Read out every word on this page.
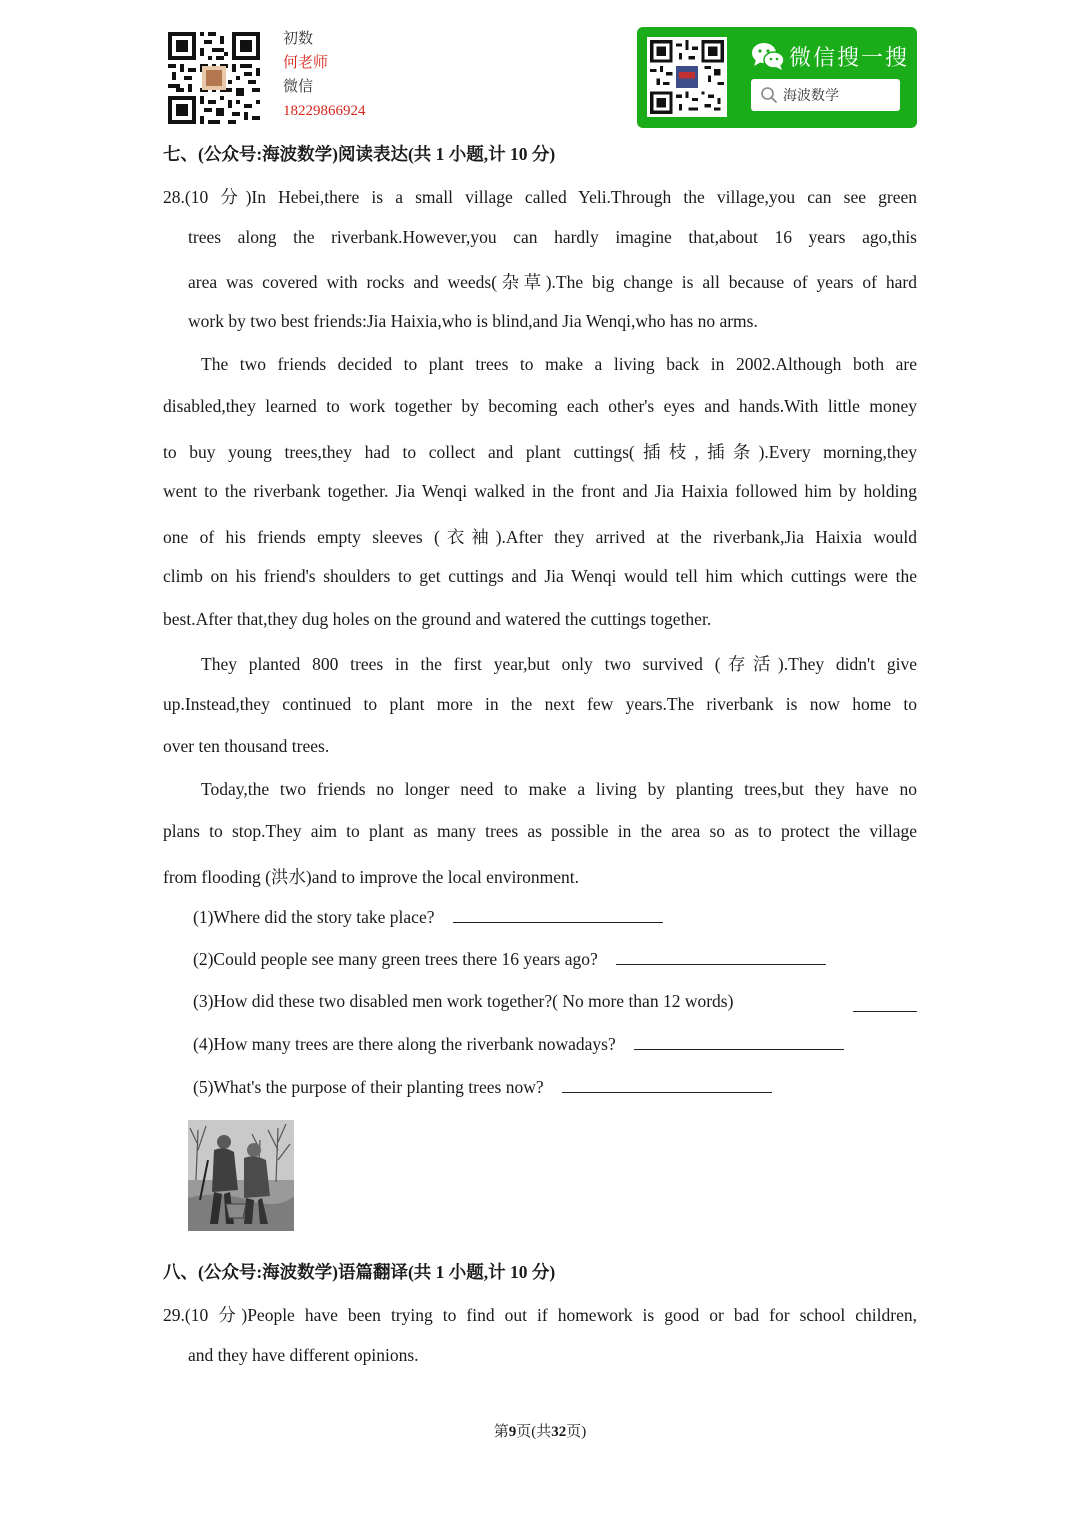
初数
何老师
微信
18229866924
微信搜一搜
海波数学
七、(公众号:海波数学)阅读表达(共 1 小题,计 10 分)
28.(10 分)In Hebei,there is a small village called Yeli.Through the village,you can see green
trees along the riverbank.However,you can hardly imagine that,about 16 years ago,this
area was covered with rocks and weeds(杂草).The big change is all because of years of hard
work by two best friends:Jia Haixia,who is blind,and Jia Wenqi,who has no arms.
The two friends decided to plant trees to make a living back in 2002.Although both are
disabled,they learned to work together by becoming each other's eyes and hands.With little money
to buy young trees,they had to collect and plant cuttings(插枝,插条).Every morning,they
went to the riverbank together. Jia Wenqi walked in the front and Jia Haixia followed him by holding
one of his friends empty sleeves (衣袖).After they arrived at the riverbank,Jia Haixia would
climb on his friend's shoulders to get cuttings and Jia Wenqi would tell him which cuttings were the
best.After that,they dug holes on the ground and watered the cuttings together.
They planted 800 trees in the first year,but only two survived (存活).They didn't give
up.Instead,they continued to plant more in the next few years.The riverbank is now home to
over ten thousand trees.
Today,the two friends no longer need to make a living by planting trees,but they have no
plans to stop.They aim to plant as many trees as possible in the area so as to protect the village
from flooding (洪水)and to improve the local environment.
(1)Where did the story take place?
(2)Could people see many green trees there 16 years ago?
(3)How did these two disabled men work together?( No more than 12 words)
(4)How many trees are there along the riverbank nowadays?
(5)What's the purpose of their planting trees now?
八、(公众号:海波数学)语篇翻译(共 1 小题,计 10 分)
29.(10 分)People have been trying to find out if homework is good or bad for school children,
and they have different opinions.
第9页(共32页)
